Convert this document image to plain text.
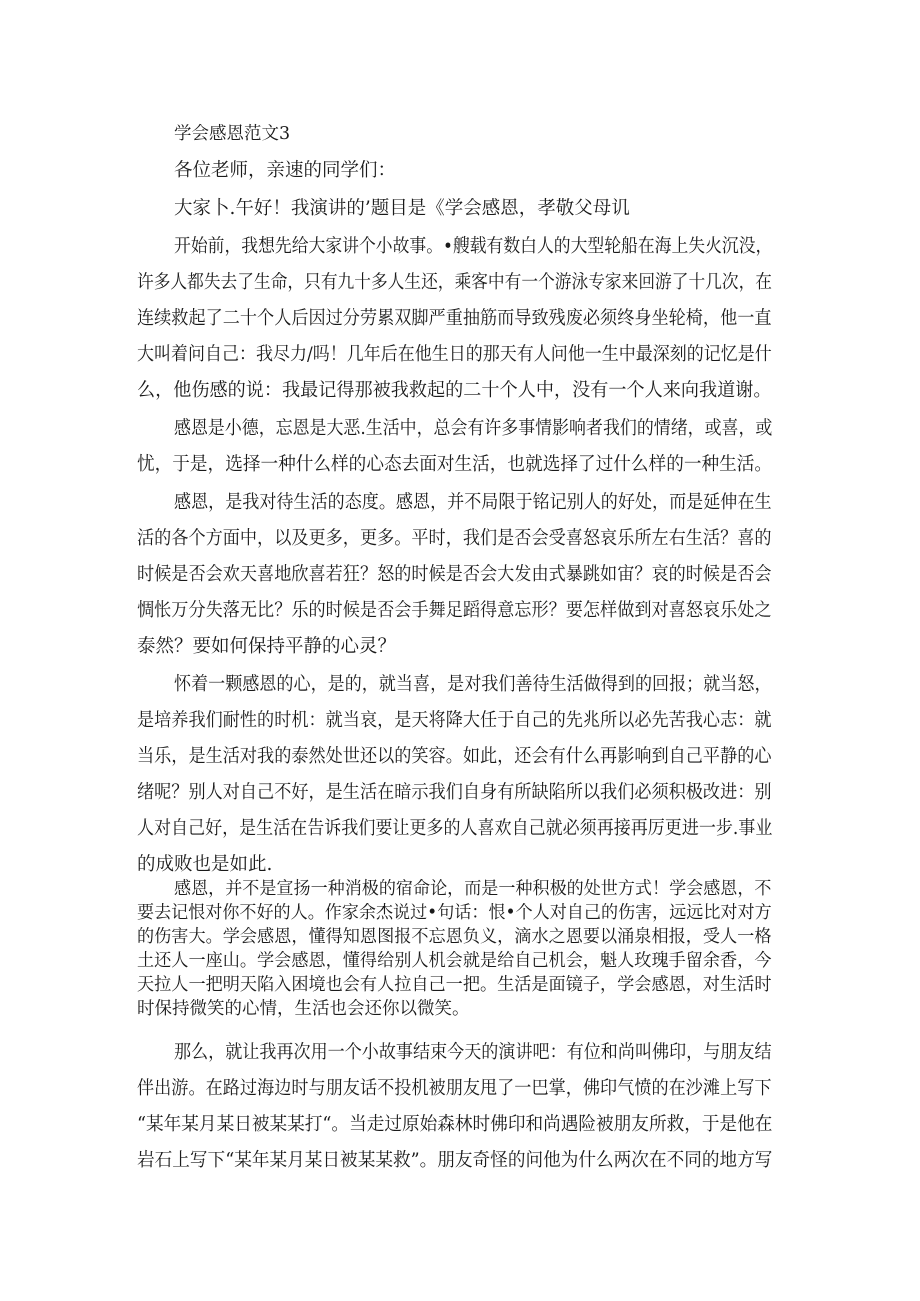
学会感恩范文3

各位老师，亲速的同学们：

大家卜.午好！我演讲的’题目是《学会感恩，孝敬父母讥

开始前，我想先给大家讲个小故事。•艘载有数白人的大型轮船在海上失火沉没，

许多人都失去了生命，只有九十多人生还，乘客中有一个游泳专家来回游了十几次，在

连续救起了二十个人后因过分劳累双脚严重抽筋而导致残废必须终身坐轮椅，他一直

大叫着问自己：我尽力/吗！几年后在他生日的那天有人问他一生中最深刻的记忆是什

么，他伤感的说：我最记得那被我救起的二十个人中，没有一个人来向我道谢。

感恩是小德，忘恩是大恶.生活中，总会有许多事情影响者我们的情绪，或喜，或

忧，于是，选择一种什么样的心态去面对生活，也就选择了过什么样的一种生活。

感恩，是我对待生活的态度。感恩，并不局限于铭记别人的好处，而是延伸在生

活的各个方面中，以及更多，更多。平时，我们是否会受喜怒哀乐所左右生活？喜的

时候是否会欢天喜地欣喜若狂？怒的时候是否会大发由式暴跳如宙？哀的时候是否会

惆怅万分失落无比？乐的时候是否会手舞足蹈得意忘形？要怎样做到对喜怒哀乐处之

泰然？要如何保持平静的心灵？

怀着一颗感恩的心，是的，就当喜，是对我们善待生活做得到的回报；就当怒，

是培养我们耐性的时机：就当哀，是天将降大任于自己的先兆所以必先苦我心志：就

当乐，是生活对我的泰然处世还以的笑容。如此，还会有什么再影响到自己平静的心

绪呢？别人对自己不好，是生活在暗示我们自身有所缺陷所以我们必须积极改进：别

人对自己好，是生活在告诉我们要让更多的人喜欢自己就必须再接再厉更进一步.事业

的成败也是如此.

感恩，并不是宣扬一种消极的宿命论，而是一种积极的处世方式！学会感恩，不

要去记恨对你不好的人。作家余杰说过•句话：恨•个人对自己的伤害，远远比对对方

的伤害大。学会感恩，懂得知恩图报不忘恩负义，滴水之恩要以涌泉相报，受人一格

土还人一座山。学会感恩，懂得给别人机会就是给自己机会，魁人玫瑰手留余香，今

天拉人一把明天陷入困境也会有人拉自己一把。生活是面镜子，学会感恩，对生活时

时保持微笑的心情，生活也会还你以微笑。

那么，就让我再次用一个小故事结束今天的演讲吧：有位和尚叫佛印，与朋友结

伴出游。在路过海边时与朋友话不投机被朋友甩了一巴掌，佛印气愤的在沙滩上写下

“某年某月某日被某某打“。当走过原始森林时佛印和尚遇险被朋友所救，于是他在

岩石上写下“某年某月某日被某某救”。朋友奇怪的问他为什么两次在不同的地方写
